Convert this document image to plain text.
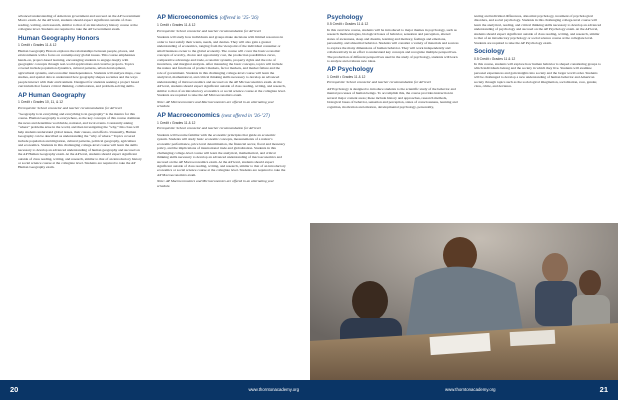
advanced understanding of American government and succeed on the AP Government Macro exam. At the AP level, students should expect significant outside of class reading, writing, and research, similar to that of an introductory history course at the collegiate level. Students are required to take the AP Government exam.

Human Geography Honors
1 Credit • Grades 11 & 12

Human Geography Honors explores the relationships between people, places, and environments with a focus on contemporary global issues. This course emphasizes hands-on, project-based learning, encouraging students to engage deeply with geographic concepts through real-world applications and creative projects. Topics covered include population dynamics, cultural patterns, urban development, agricultural systems, and economic interdependence. Students will analyze maps, case studies, and spatial data to understand how geography shapes societies and the ways people interact with their environment. Designed for students seeking a project based curriculum that fosters critical thinking, collaboration, and problem-solving skills.

AP Human Geography
1 Credit • Grades 10, 11, & 12

Prerequisite: School counselor and teacher recommendation for AP level

“Geography is in everything and everything is in geography” is the mantra for this course. Human Geography is everywhere, as the key concepts of this course dominate the news and determine worldwide, national, and local events. Constantly asking “where” problems arise in the world, and then investigating the “why,” this class will help students understand global issues, their causes, and effects. Unusually, Human Geography can be described as understanding the “why of where.” Topics covered include population and migration, cultural patterns, political geography, agriculture and economics. Students in this challenging college-level course will learn the skills necessary to develop an advanced understanding of human geography and succeed on the AP Human Geography exam. At the AP level, students should expect significant outside of class reading, writing, and research, similar to that of an introductory history or social science course at the collegiate level. Students are required to take the AP Human Geography exam.

AP Microeconomics (offered in ’25-’26)
1 Credit • Grades 11 & 12

Prerequisite: School counselor and teacher recommendation for AP level

Students will study how individuals and groups make decisions with limited resources in order to best satisfy their wants, needs, and desires. They will also gain a greater understanding of economics, ranging from the viewpoint of the individual consumer or small business owner to the global economy. The course will cover the basic economic concepts of scarcity, choice and opportunity cost, the production possibilities curve, comparative advantage and trade, economic systems, property rights and the role of incentives, and marginal analysis. After mastering the basic concepts, topics will include the nature and functions of product markets, factor markets, and market failure and the role of government. Students in this challenging college-level course will learn the analytical, mathematical, and critical thinking skills necessary to develop an advanced understanding of microeconomics and succeed on the AP Microeconomics exam. At the AP level, students should expect significant outside of class reading, writing, and research, similar to that of an introductory economics or social science course at the collegiate level. Students are required to take the AP Microeconomics exam.

Note: AP Microeconomics and Macroeconomics are offered in an alternating year schedule.

AP Macroeconomics (next offered in ’26-’27)
1 Credit • Grades 11 & 12

Prerequisite: School counselor and teacher recommendation for AP level

Students will become familiar with the economic principles that guide an economic system. Students will study basic economic concepts, measurements of a nation’s economic performance, price level determination, the financial sector, fiscal and monetary policy, and the implications of international trade and globalization. Students in this challenging college-level course will learn the analytical, mathematical, and critical thinking skills necessary to develop an advanced understanding of macroeconomics and succeed on the AP Macroeconomics exam. At the AP level, students should expect significant outside of class reading, writing, and research, similar to that of an introductory economics or social science course at the collegiate level. Students are required to take the AP Macroeconomics exam.

Note: AP Macroeconomics and Microeconomics are offered in an alternating year schedule.

20	www.thorntonacademy.org
Psychology
0.5 Credit • Grades 11 & 12

In this overview course, students will be introduced to major themes in psychology, such as research methodologies, biological bases of behavior, sensation and perception, altered states of awareness, sleep and dreams, learning and memory, feelings and emotions, personality, and abnormal behavior. Students will consider a variety of materials and sources to explore the many dimensions of human behavior. They will work independently and collaboratively in an effort to understand key concepts and recognize multiple perspectives. The production of different perspectives used in the study of psychology, students will learn to analyze and evaluate new ideas.

AP Psychology
1 Credit • Grades 11 & 12

Prerequisite: School counselor and teacher recommendation for AP level

AP Psychology is designed to introduce students to the scientific study of the behavior and mental processes of human beings. To accomplish this, the course provides instruction in several major content areas; these include history and approaches, research methods, biological bases of behavior, sensation and perception, states of consciousness, learning and cognition, motivation and emotion, developmental psychology, personality,

testing and individual differences, abnormal psychology, treatment of psychological disorders, and social psychology. Students in this challenging college-level course will learn the analytical, reading, and critical thinking skills necessary to develop an advanced understanding of psychology and succeed on the AP Psychology exam. At the AP level, students should expect significant outside of class reading, writing, and research, similar to that of an introductory psychology or social science course at the collegiate level. Students are required to take the AP Psychology exam.

Sociology
0.5 Credit • Grades 11 & 12

In this course, students will explore how human behavior is shaped considering groups to which individuals belong and the society in which they live. Students will examine personal experiences and gain insights into society and the larger world order. Students will be challenged to develop a new understanding of human behavior and American society through topics such as the sociological imagination, socialization, race, gender, class, crime, and deviance.

www.thorntonacademy.org	21
